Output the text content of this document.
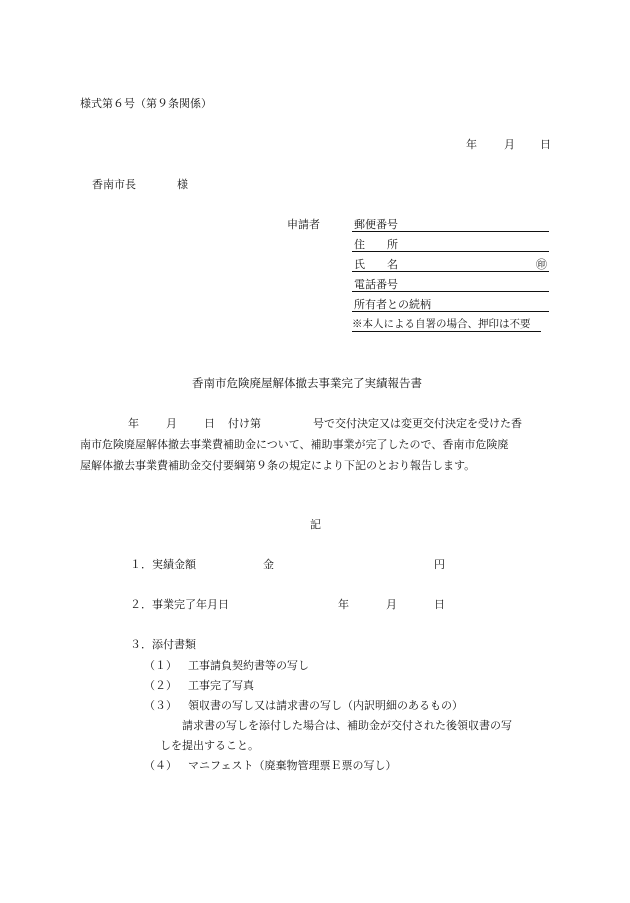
様式第６号（第９条関係）
年 月 日
香南市長	様
申請者	郵便番号
住　　所
氏　　名	㊞
電話番号
所有者との続柄
※本人による自署の場合、押印は不要
香南市危険廃屋解体撤去事業完了実績報告書
年 月 日 付け第	号で交付決定又は変更交付決定を受けた香
南市危険廃屋解体撤去事業費補助金について、補助事業が完了したので、香南市危険廃
屋解体撤去事業費補助金交付要綱第９条の規定により下記のとおり報告します。
記
１． 実績金額	金	円
２． 事業完了年月日	年	月	日
３． 添付書類
（１） 工事請負契約書等の写し
（２） 工事完了写真
（３） 領収書の写し又は請求書の写し（内訳明細のあるもの）
請求書の写しを添付した場合は、補助金が交付された後領収書の写
しを提出すること。
（４） マニフェスト（廃棄物管理票Ｅ票の写し）
